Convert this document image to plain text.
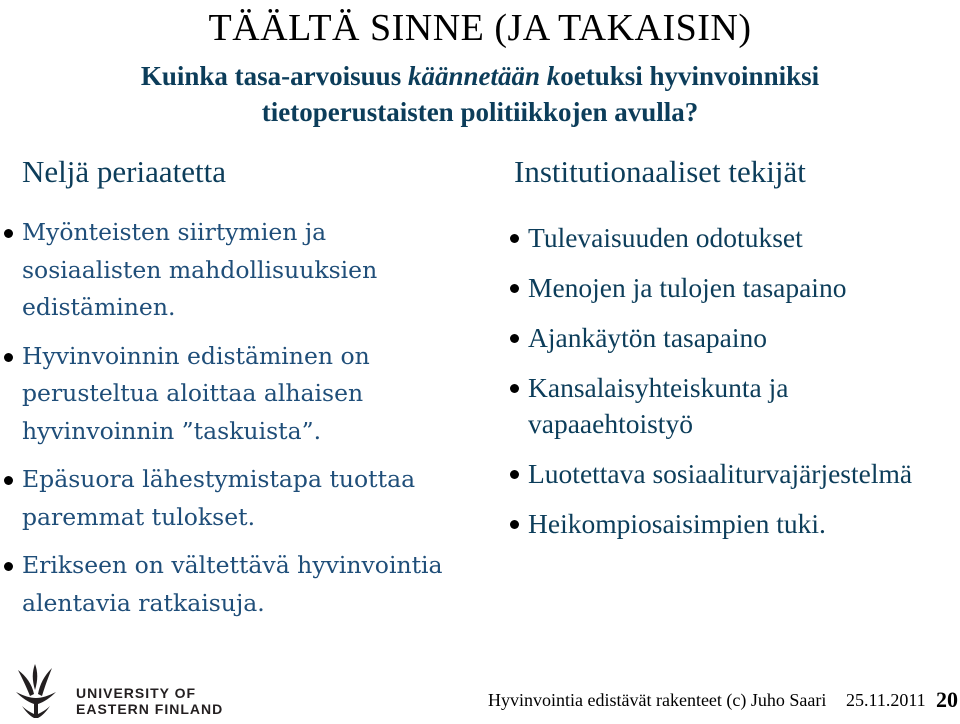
TÄÄLTÄ SINNE (JA TAKAISIN)
Kuinka tasa-arvoisuus käännetään koetuksi hyvinvoinniksi
tietoperustaisten politiikkojen avulla?
Neljä periaatetta
Myönteisten siirtymien ja sosiaalisten mahdollisuuksien edistäminen.
Hyvinvoinnin edistäminen on perusteltua aloittaa alhaisen hyvinvoinnin ”taskuista”.
Epäsuora lähestymistapa tuottaa paremmat tulokset.
Erikseen on vältettävä hyvinvointia alentavia ratkaisuja.
Institutionaaliset tekijät
Tulevaisuuden odotukset
Menojen ja tulojen tasapaino
Ajankäytön tasapaino
Kansalaisyhteiskunta ja vapaaehtoistyö
Luotettava sosiaaliturvajärjestelmä
Heikompiosaisimpien tuki.
UNIVERSITY OF
EASTERN FINLAND	Hyvinvointia edistävät rakenteet (c) Juho Saari 25.11.2011 20
